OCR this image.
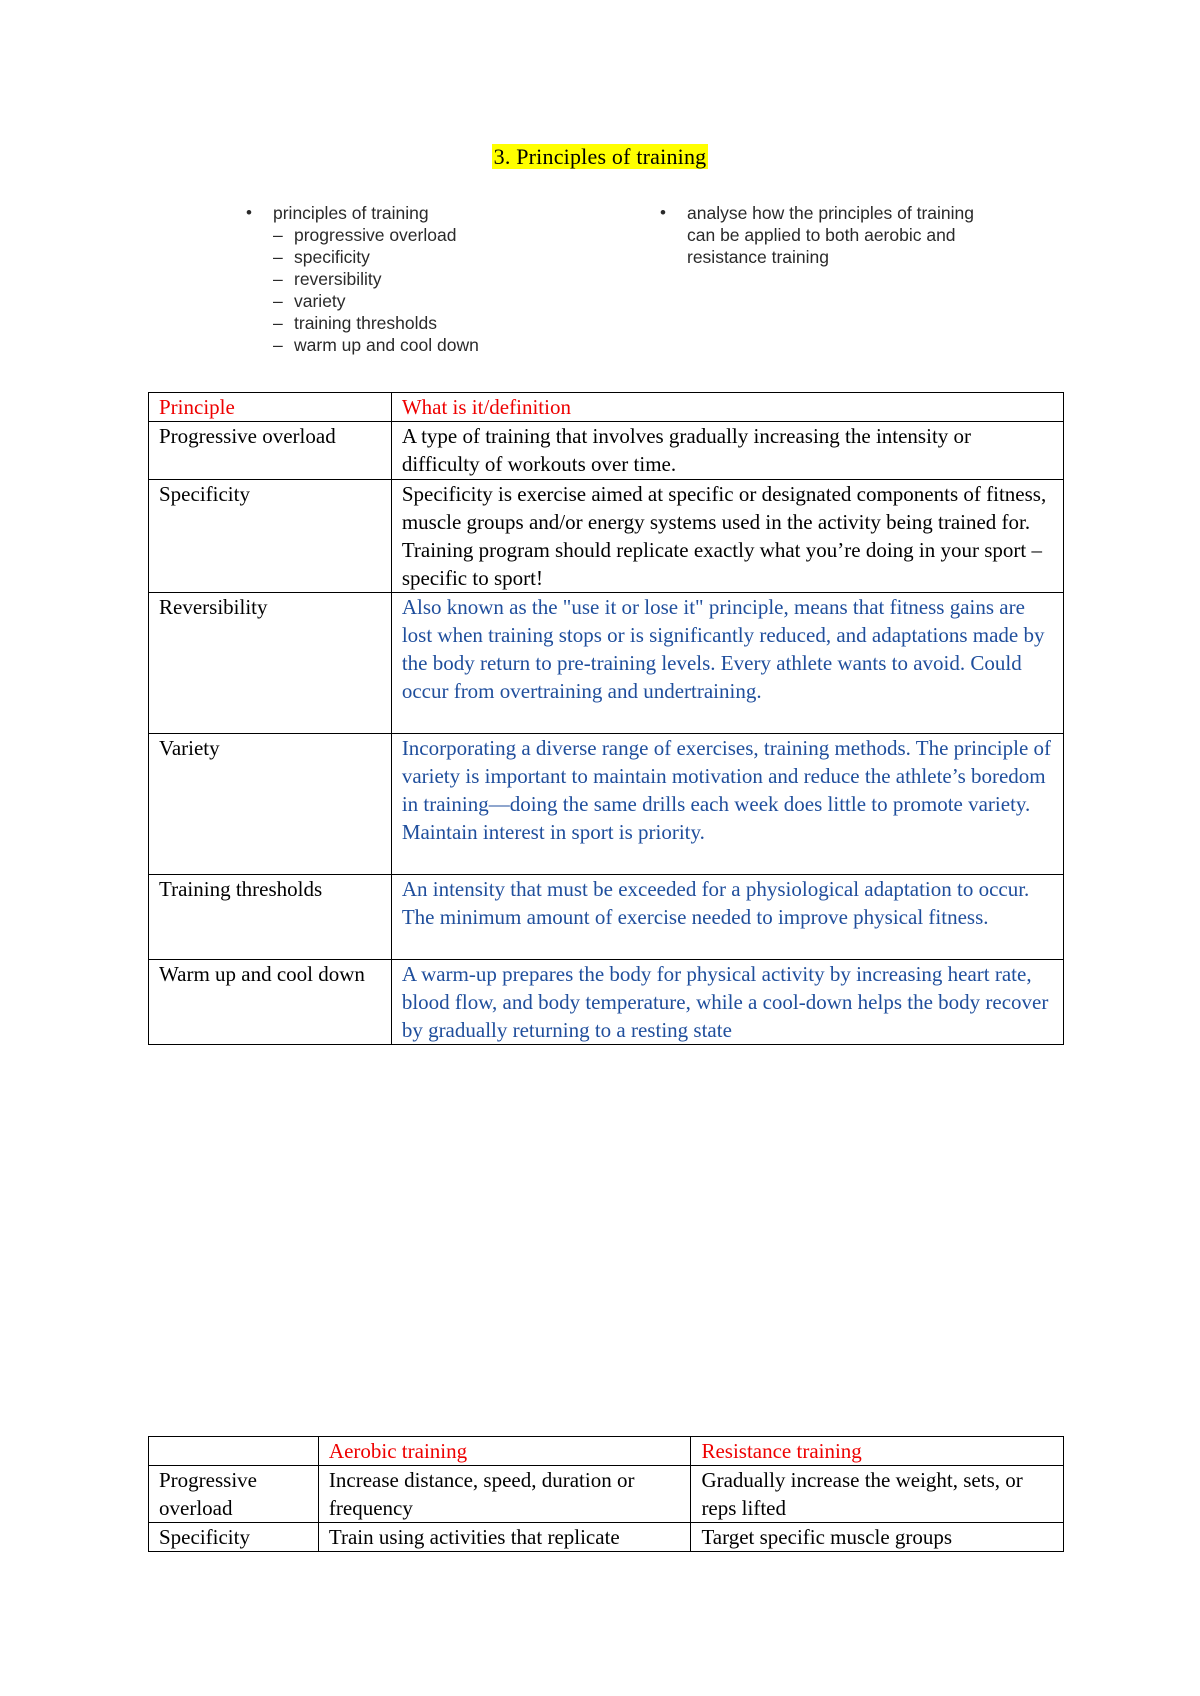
3. Principles of training
• principles of training
– progressive overload
– specificity
– reversibility
– variety
– training thresholds
– warm up and cool down
• analyse how the principles of training
can be applied to both aerobic and
resistance training
Principle	What is it/definition
Progressive overload	A type of training that involves gradually increasing the intensity or difficulty of workouts over time.
Specificity	Specificity is exercise aimed at specific or designated components of fitness, muscle groups and/or energy systems used in the activity being trained for. Training program should replicate exactly what you’re doing in your sport – specific to sport!
Reversibility	Also known as the "use it or lose it" principle, means that fitness gains are lost when training stops or is significantly reduced, and adaptations made by the body return to pre-training levels. Every athlete wants to avoid. Could occur from overtraining and undertraining.
Variety	Incorporating a diverse range of exercises, training methods. The principle of variety is important to maintain motivation and reduce the athlete’s boredom in training—doing the same drills each week does little to promote variety. Maintain interest in sport is priority.
Training thresholds	An intensity that must be exceeded for a physiological adaptation to occur. The minimum amount of exercise needed to improve physical fitness.
Warm up and cool down	A warm-up prepares the body for physical activity by increasing heart rate, blood flow, and body temperature, while a cool-down helps the body recover by gradually returning to a resting state
	Aerobic training	Resistance training
Progressive overload	Increase distance, speed, duration or frequency	Gradually increase the weight, sets, or reps lifted
Specificity	Train using activities that replicate	Target specific muscle groups
